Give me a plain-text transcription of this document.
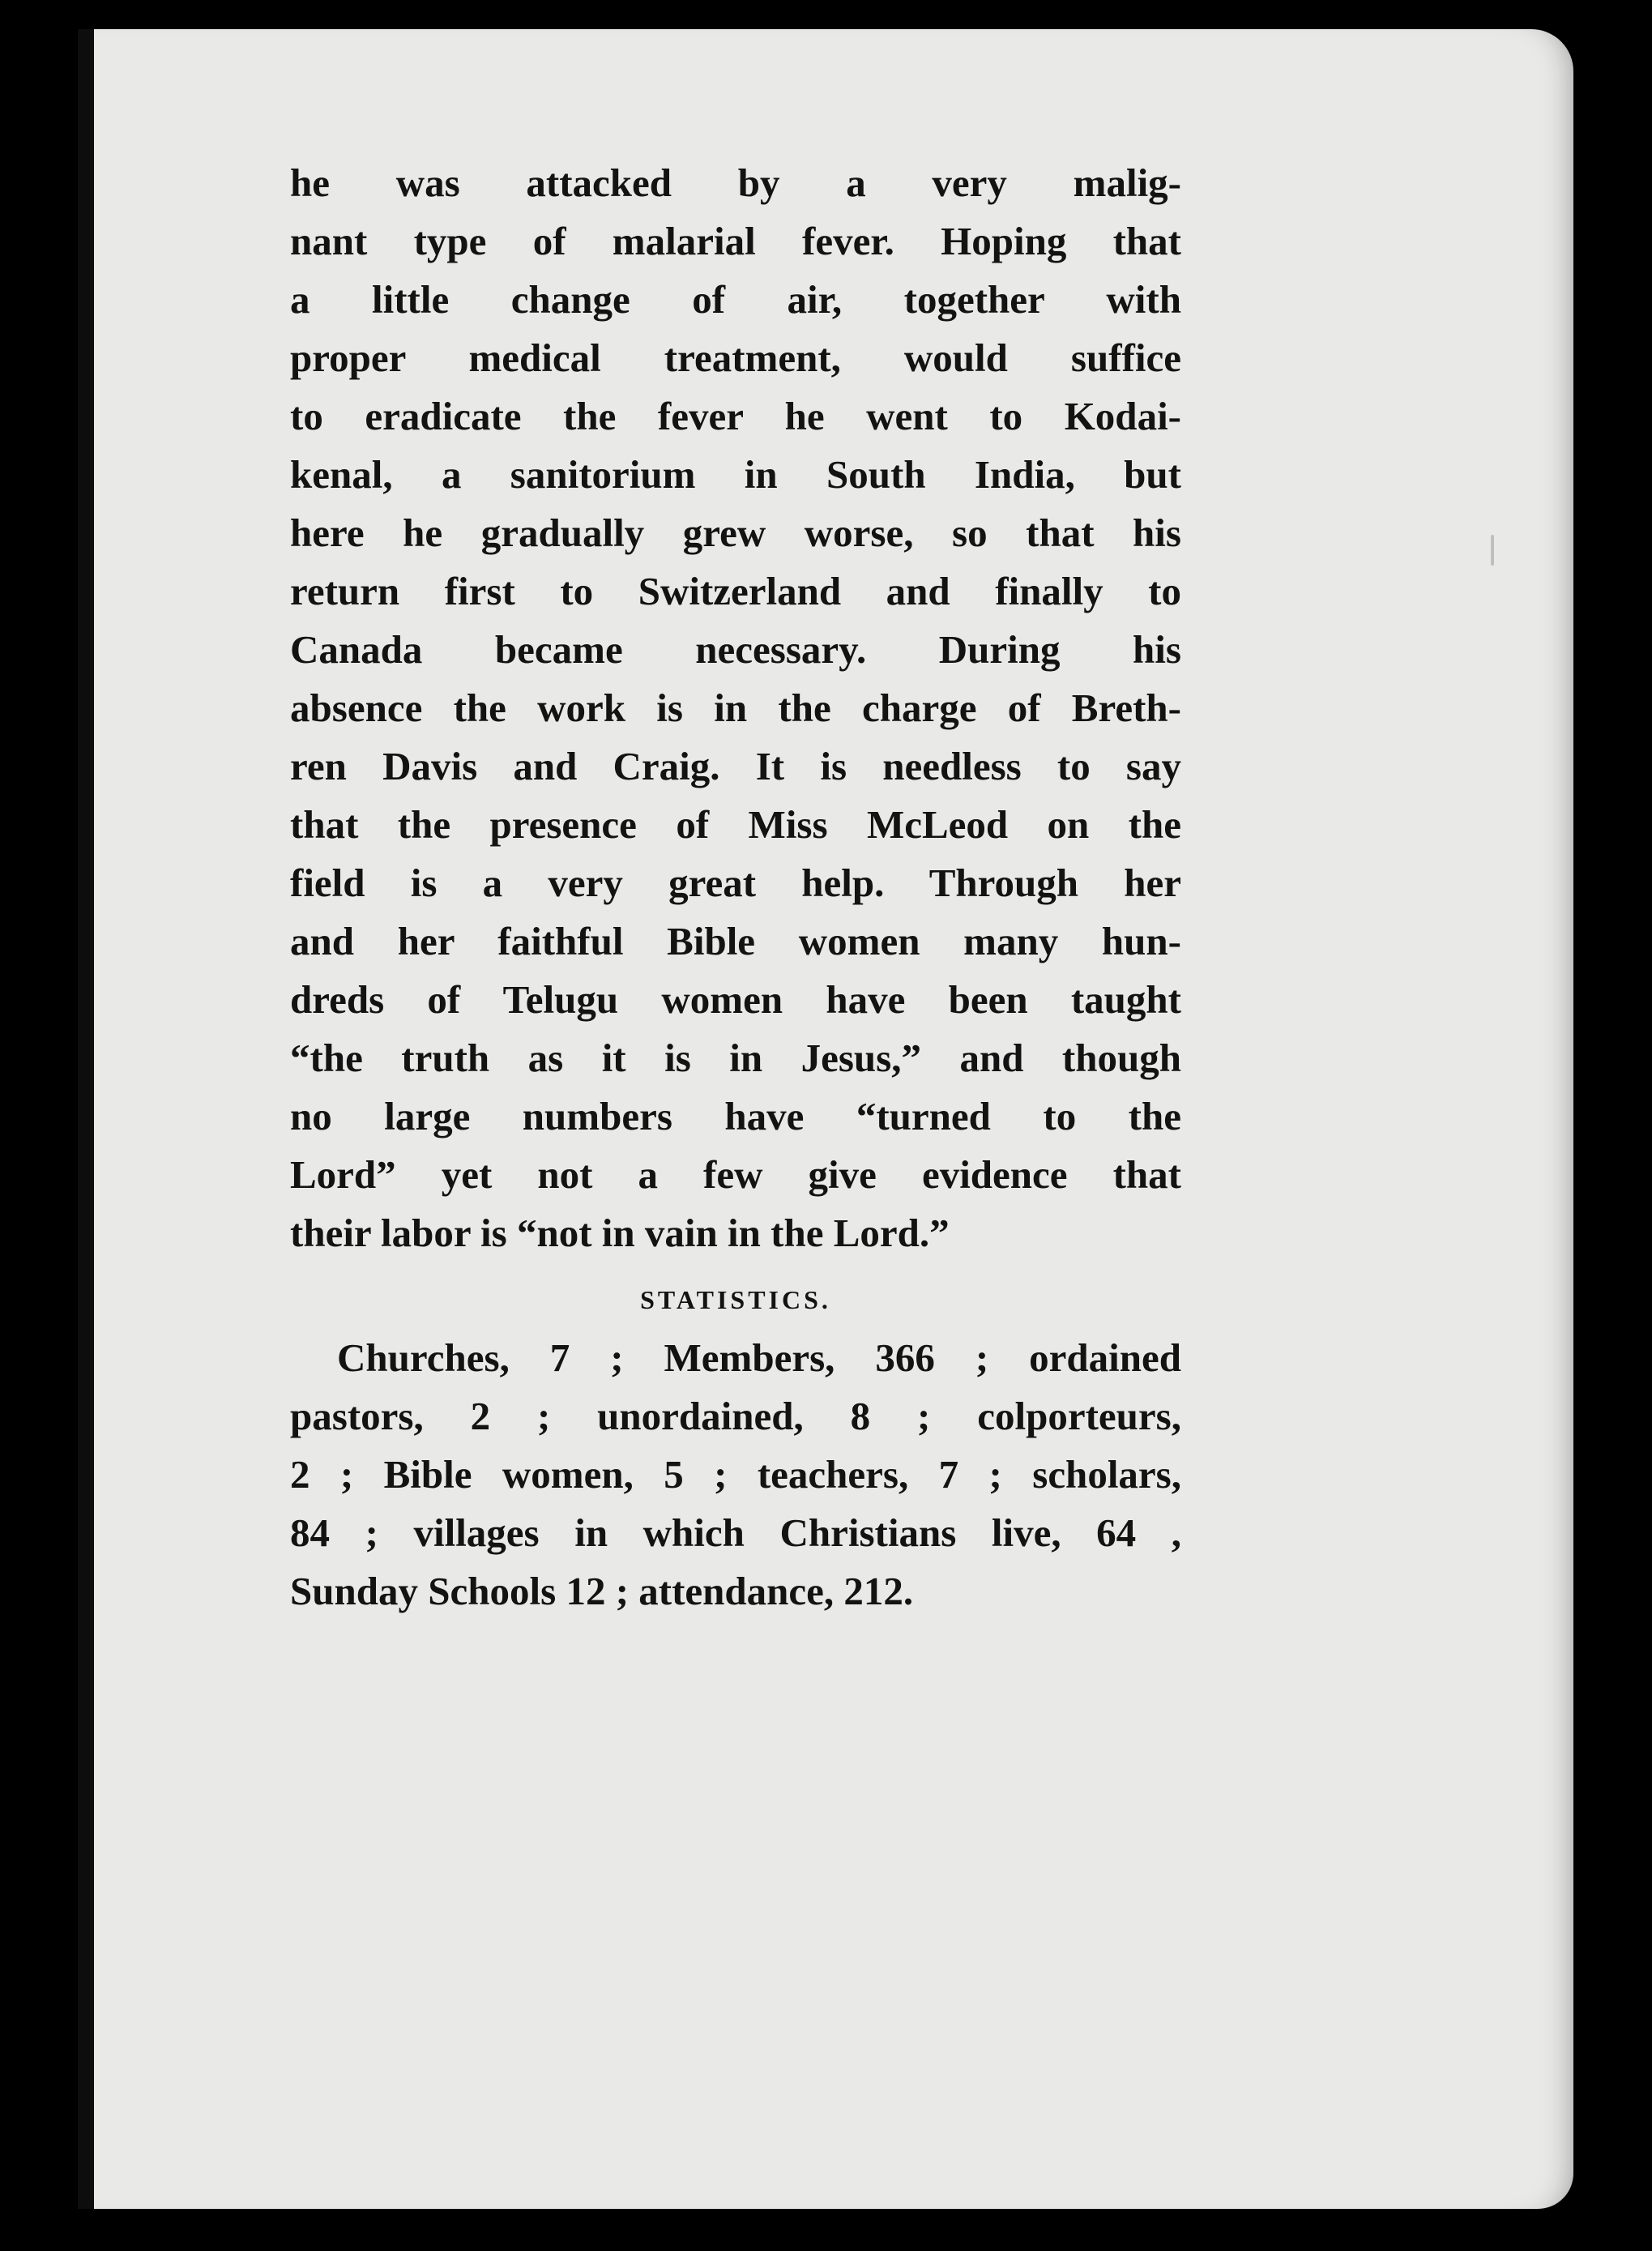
he was attacked by a very malig-
nant type of malarial fever. Hoping that
a little change of air, together with
proper medical treatment, would suffice
to eradicate the fever he went to Kodai-
kenal, a sanitorium in South India, but
here he gradually grew worse, so that his
return first to Switzerland and finally to
Canada became necessary. During his
absence the work is in the charge of Breth-
ren Davis and Craig. It is needless to say
that the presence of Miss McLeod on the
field is a very great help. Through her
and her faithful Bible women many hun-
dreds of Telugu women have been taught
“the truth as it is in Jesus,” and though
no large numbers have “turned to the
Lord” yet not a few give evidence that
their labor is “not in vain in the Lord.”
STATISTICS.
Churches, 7 ; Members, 366 ; ordained
pastors, 2 ; unordained, 8 ; colporteurs,
2 ; Bible women, 5 ; teachers, 7 ; scholars,
84 ; villages in which Christians live, 64 ,
Sunday Schools 12 ; attendance, 212.
